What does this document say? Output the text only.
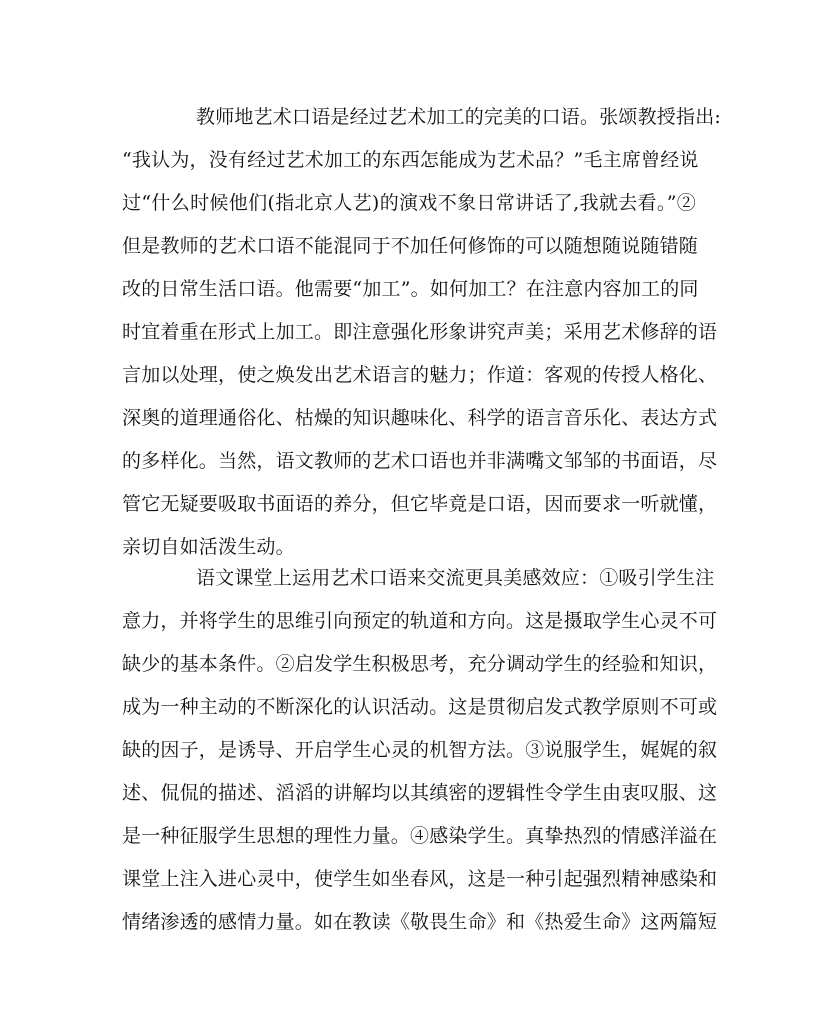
教师地艺术口语是经过艺术加工的完美的口语。张颂教授指出:
“我认为，没有经过艺术加工的东西怎能成为艺术品？”毛主席曾经说
过“什么时候他们(指北京人艺)的演戏不象日常讲话了,我就去看。”②
但是教师的艺术口语不能混同于不加任何修饰的可以随想随说随错随
改的日常生活口语。他需要“加工”。如何加工？在注意内容加工的同
时宜着重在形式上加工。即注意强化形象讲究声美；采用艺术修辞的语
言加以处理，使之焕发出艺术语言的魅力；作道：客观的传授人格化、
深奥的道理通俗化、枯燥的知识趣味化、科学的语言音乐化、表达方式
的多样化。当然，语文教师的艺术口语也并非满嘴文邹邹的书面语，尽
管它无疑要吸取书面语的养分，但它毕竟是口语，因而要求一听就懂，
亲切自如活泼生动。
语文课堂上运用艺术口语来交流更具美感效应：①吸引学生注
意力，并将学生的思维引向预定的轨道和方向。这是摄取学生心灵不可
缺少的基本条件。②启发学生积极思考，充分调动学生的经验和知识，
成为一种主动的不断深化的认识活动。这是贯彻启发式教学原则不可或
缺的因子，是诱导、开启学生心灵的机智方法。③说服学生，娓娓的叙
述、侃侃的描述、滔滔的讲解均以其缜密的逻辑性令学生由衷叹服、这
是一种征服学生思想的理性力量。④感染学生。真挚热烈的情感洋溢在
课堂上注入进心灵中，使学生如坐春风，这是一种引起强烈精神感染和
情绪渗透的感情力量。如在教读《敬畏生命》和《热爱生命》这两篇短
